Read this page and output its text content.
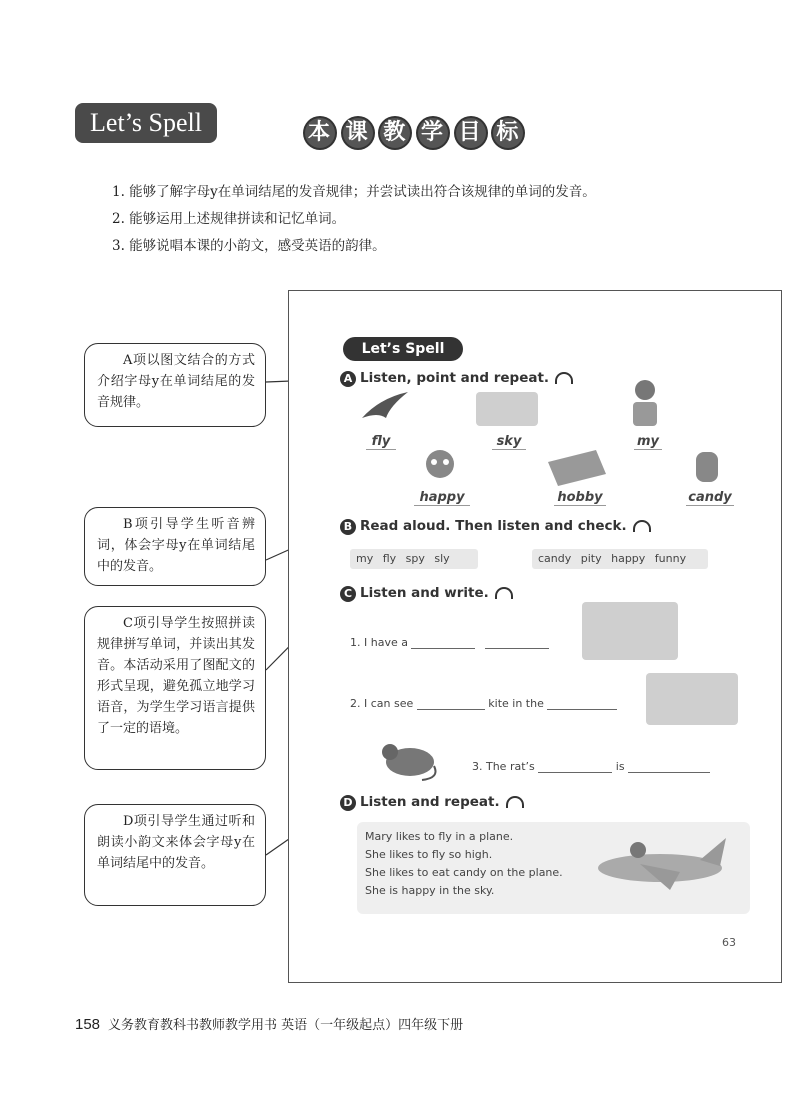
Let’s Spell	本 课 教 学 目 标
1. 能够了解字母y在单词结尾的发音规律；并尝试读出符合该规律的单词的发音。
2. 能够运用上述规律拼读和记忆单词。
3. 能够说唱本课的小韵文，感受英语的韵律。
A项以图文结合的方式介绍字母y在单词结尾的发音规律。
B项引导学生听音辨词，体会字母y在单词结尾中的发音。
C项引导学生按照拼读规律拼写单词，并读出其发音。本活动采用了图配文的形式呈现，避免孤立地学习语音，为学生学习语言提供了一定的语境。
D项引导学生通过听和朗读小韵文来体会字母y在单词结尾中的发音。
Let’s Spell
A Listen, point and repeat.
fly	sky	my
happy	hobby	candy
B Read aloud. Then listen and check.
my fly spy sly	candy pity happy funny
C Listen and write.
1. I have a
2. I can see	kite in the
3. The rat’s	is
D Listen and repeat.
Mary likes to fly in a plane.
She likes to fly so high.
She likes to eat candy on the plane.
She is happy in the sky.
63
158 义务教育教科书教师教学用书 英语（一年级起点）四年级下册
